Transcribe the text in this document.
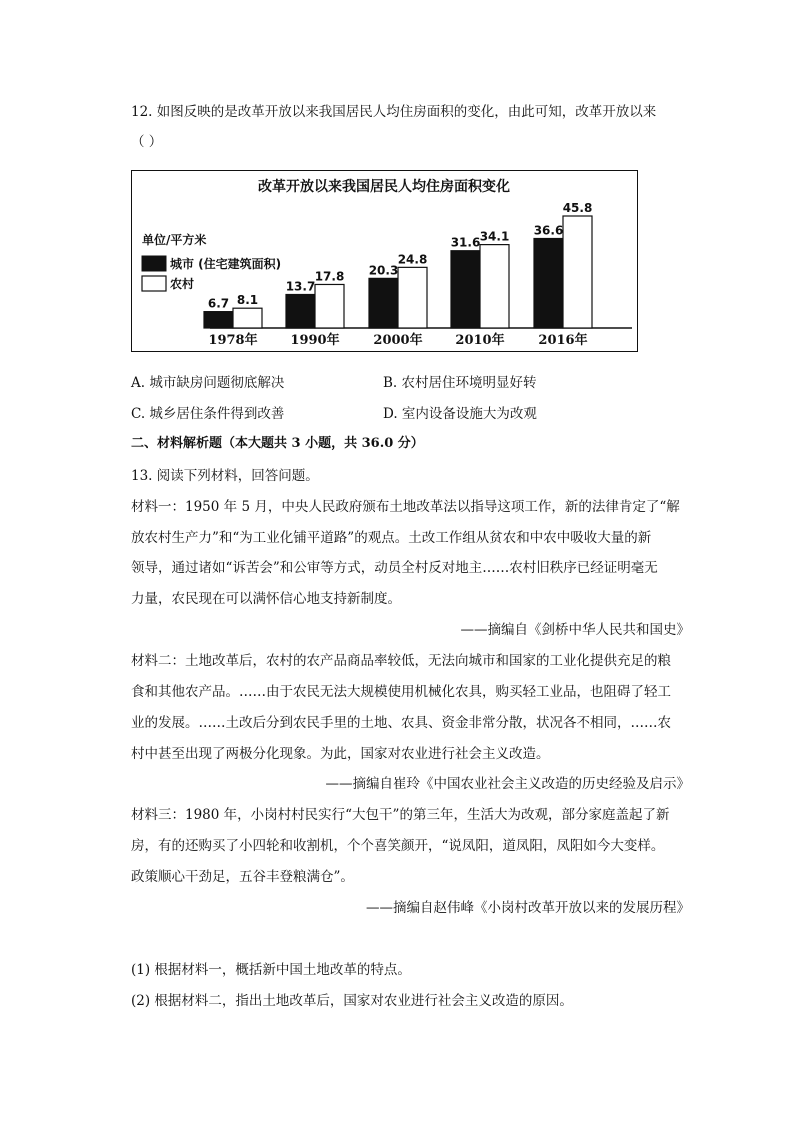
12. 如图反映的是改革开放以来我国居民人均住房面积的变化，由此可知，改革开放以来
（ ）
改革开放以来我国居民人均住房面积变化
单位/平方米
城市 (住宅建筑面积)
农村
6.7 8.1
1978年
13.7
17.8
1990年
20.3
24.8
2000年
31.6 34.1
2010年
36.6
45.8
2016年
A. 城市缺房问题彻底解决	B. 农村居住环境明显好转
C. 城乡居住条件得到改善	D. 室内设备设施大为改观
二、材料解析题（本大题共 3 小题，共 36.0 分）
13. 阅读下列材料，回答问题。
材料一：1950 年 5 月，中央人民政府颁布土地改革法以指导这项工作，新的法律肯定了“解
放农村生产力”和“为工业化铺平道路”的观点。土改工作组从贫农和中农中吸收大量的新
领导，通过诸如“诉苦会”和公审等方式，动员全村反对地主……农村旧秩序已经证明毫无
力量，农民现在可以满怀信心地支持新制度。
——摘编自《剑桥中华人民共和国史》
材料二：土地改革后，农村的农产品商品率较低，无法向城市和国家的工业化提供充足的粮
食和其他农产品。……由于农民无法大规模使用机械化农具，购买轻工业品，也阻碍了轻工
业的发展。……土改后分到农民手里的土地、农具、资金非常分散，状况各不相同，……农
村中甚至出现了两极分化现象。为此，国家对农业进行社会主义改造。
——摘编自崔玲《中国农业社会主义改造的历史经验及启示》
材料三：1980 年，小岗村村民实行“大包干”的第三年，生活大为改观，部分家庭盖起了新
房，有的还购买了小四轮和收割机，个个喜笑颜开，“说凤阳，道凤阳，凤阳如今大变样。
政策顺心干劲足，五谷丰登粮满仓”。
——摘编自赵伟峰《小岗村改革开放以来的发展历程》
(1) 根据材料一，概括新中国土地改革的特点。
(2) 根据材料二，指出土地改革后，国家对农业进行社会主义改造的原因。
